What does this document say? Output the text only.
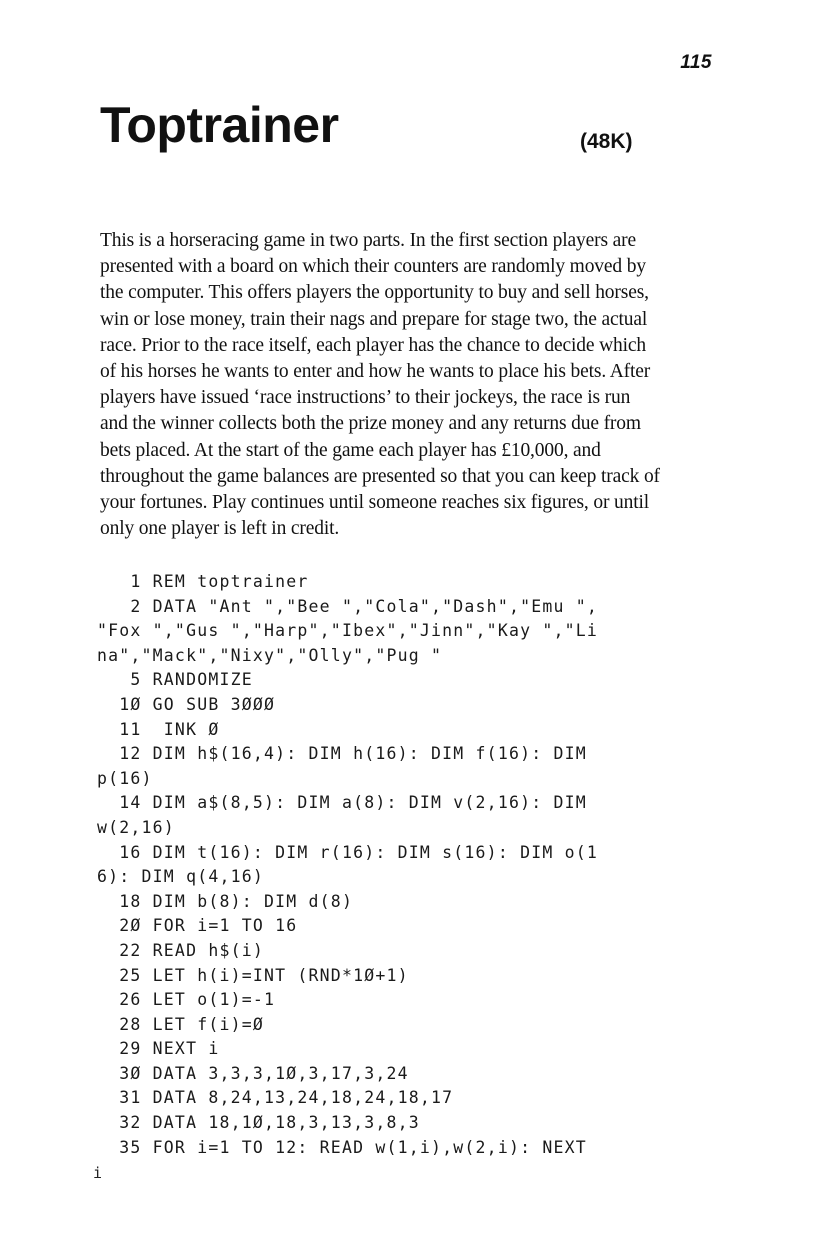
115
Toptrainer	(48K)

This is a horseracing game in two parts. In the first section players are
presented with a board on which their counters are randomly moved by
the computer. This offers players the opportunity to buy and sell horses,
win or lose money, train their nags and prepare for stage two, the actual
race. Prior to the race itself, each player has the chance to decide which
of his horses he wants to enter and how he wants to place his bets. After
players have issued ‘race instructions’ to their jockeys, the race is run
and the winner collects both the prize money and any returns due from
bets placed. At the start of the game each player has £10,000, and
throughout the game balances are presented so that you can keep track of
your fortunes. Play continues until someone reaches six figures, or until
only one player is left in credit.

1 REM toptrainer
2 DATA "Ant ","Bee ","Cola","Dash","Emu ",
"Fox ","Gus ","Harp","Ibex","Jinn","Kay ","Li
na","Mack","Nixy","Olly","Pug "
5 RANDOMIZE
1Ø GO SUB 3ØØØ
11  INK Ø
12 DIM h$(16,4): DIM h(16): DIM f(16): DIM
p(16)
14 DIM a$(8,5): DIM a(8): DIM v(2,16): DIM
w(2,16)
16 DIM t(16): DIM r(16): DIM s(16): DIM o(1
6): DIM q(4,16)
18 DIM b(8): DIM d(8)
2Ø FOR i=1 TO 16
22 READ h$(i)
25 LET h(i)=INT (RND*1Ø+1)
26 LET o(1)=-1
28 LET f(i)=Ø
29 NEXT i
3Ø DATA 3,3,3,1Ø,3,17,3,24
31 DATA 8,24,13,24,18,24,18,17
32 DATA 18,1Ø,18,3,13,3,8,3
35 FOR i=1 TO 12: READ w(1,i),w(2,i): NEXT
i
